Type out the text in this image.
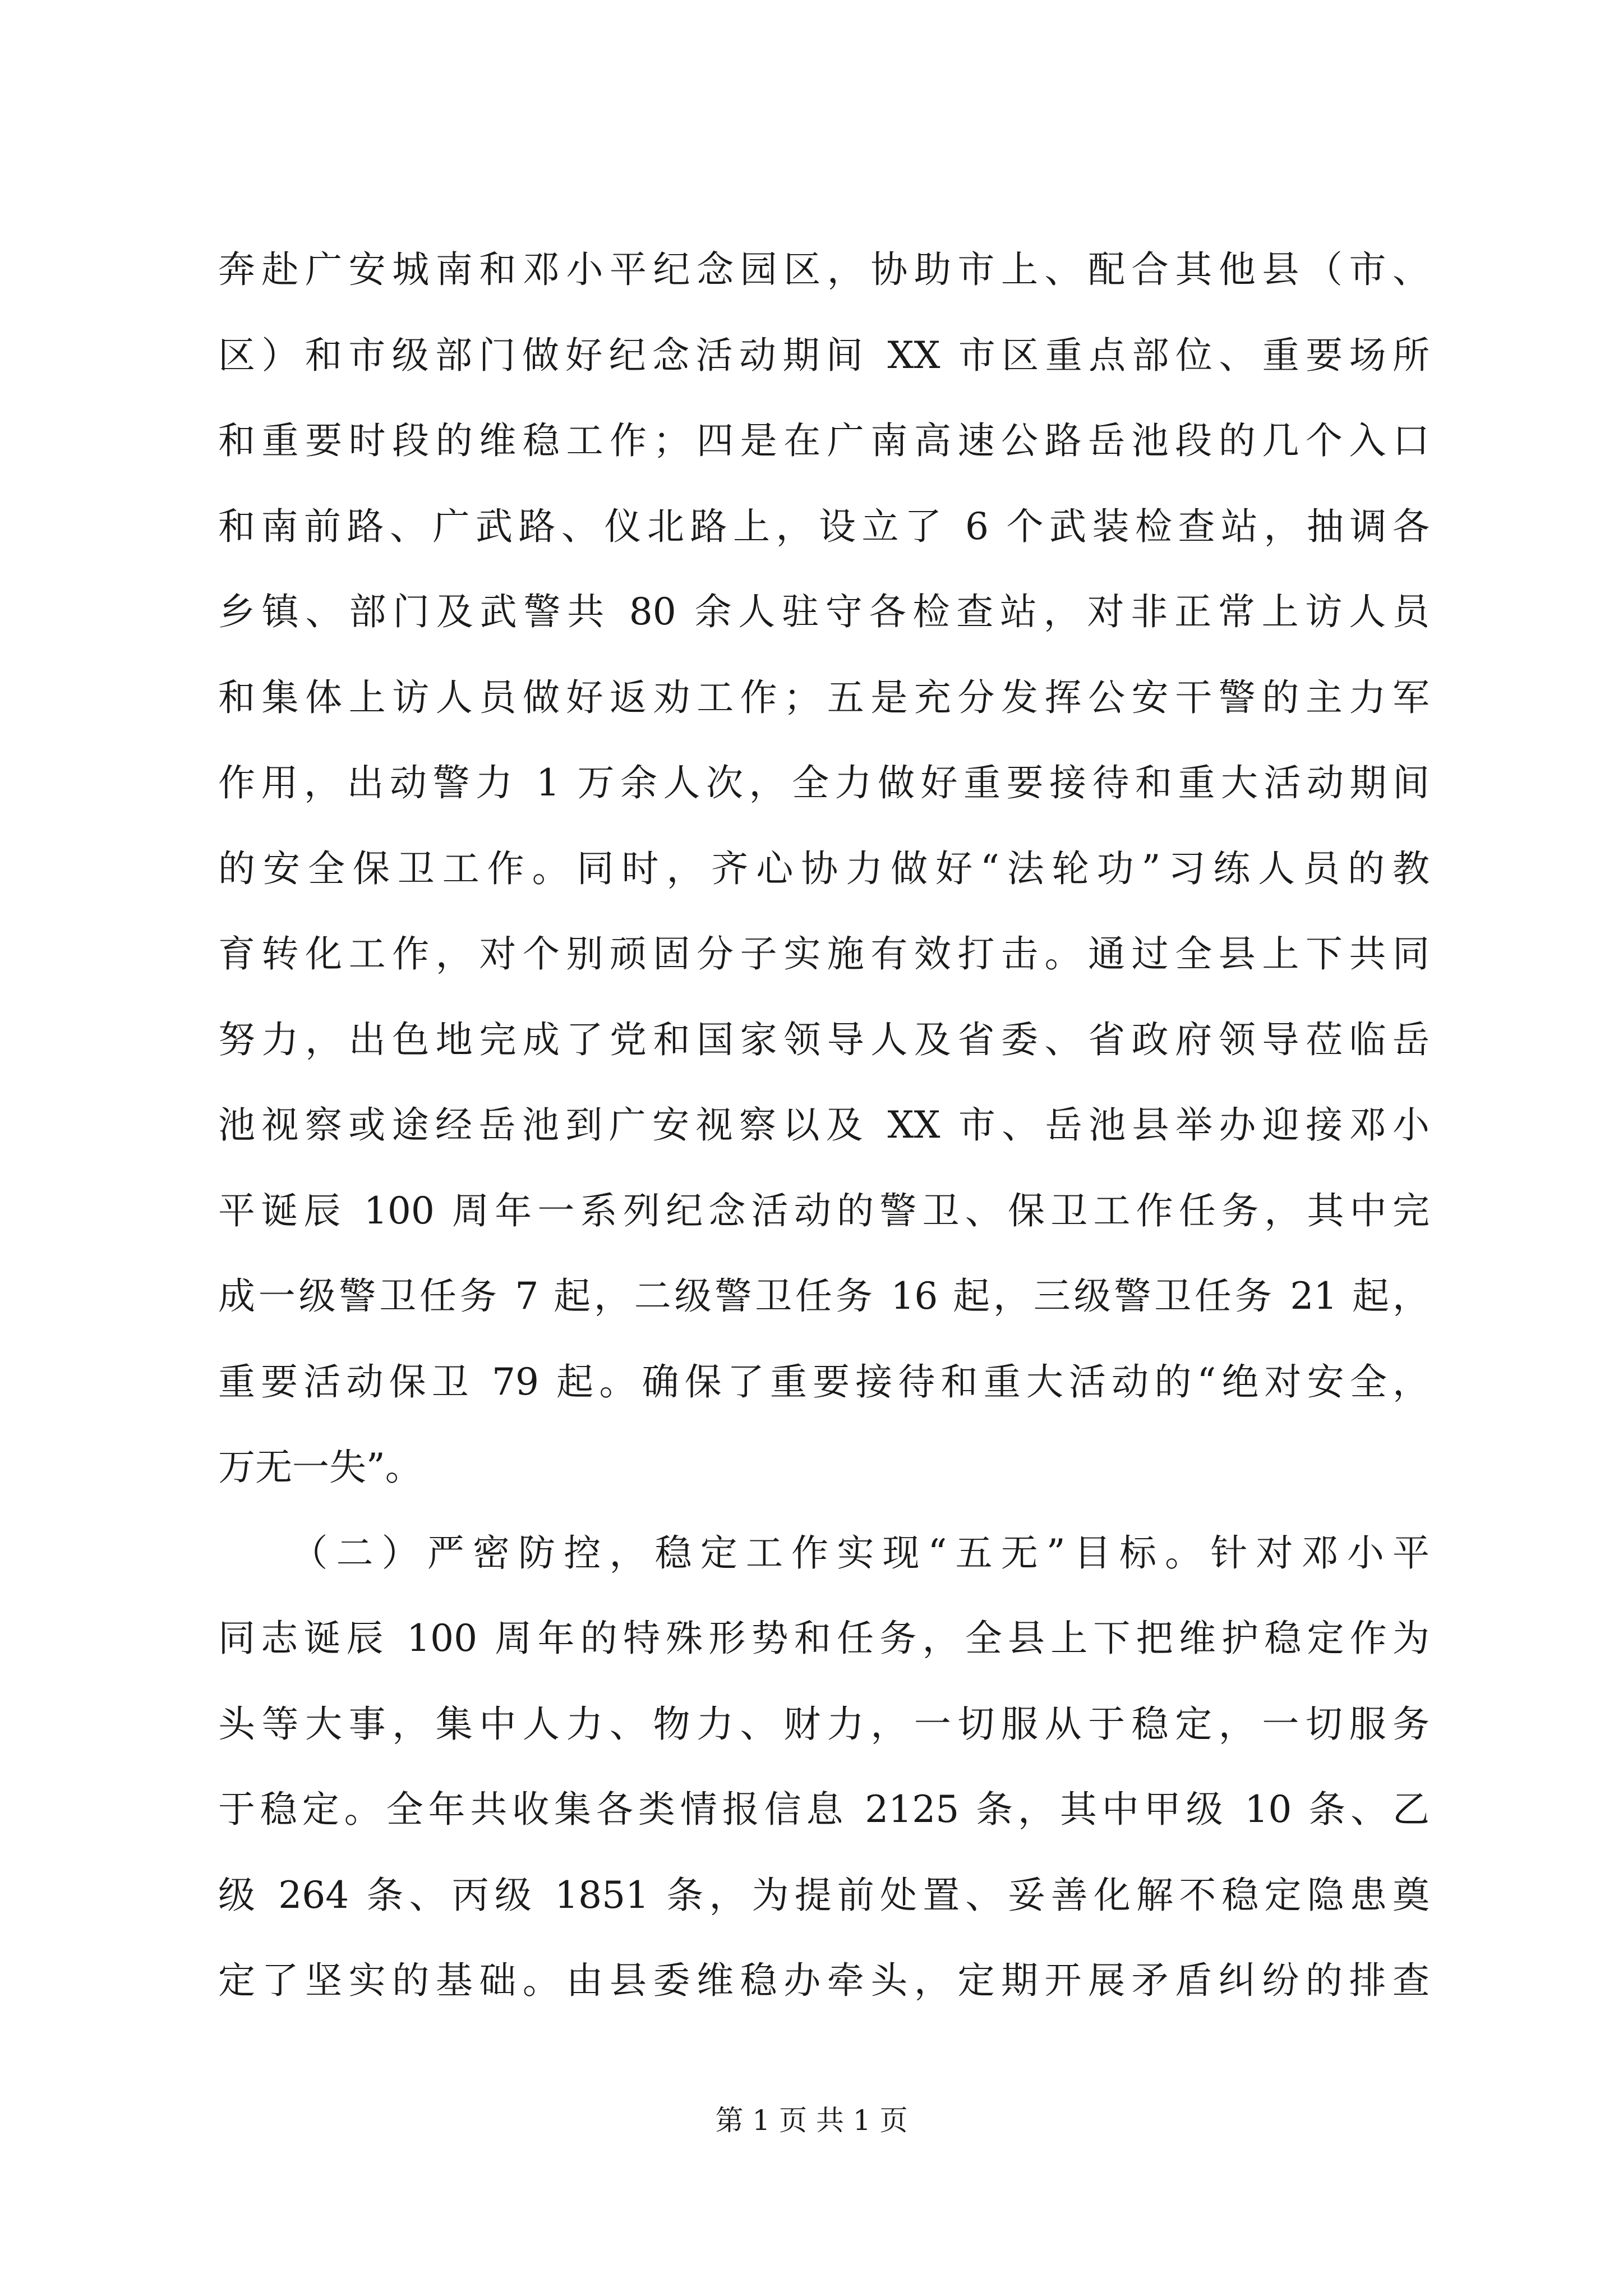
奔赴广安城南和邓小平纪念园区，协助市上、配合其他县（市、
区）和市级部门做好纪念活动期间 XX 市区重点部位、重要场所
和重要时段的维稳工作；四是在广南高速公路岳池段的几个入口
和南前路、广武路、仪北路上，设立了 6 个武装检查站，抽调各
乡镇、部门及武警共 80 余人驻守各检查站，对非正常上访人员
和集体上访人员做好返劝工作；五是充分发挥公安干警的主力军
作用，出动警力 1 万余人次，全力做好重要接待和重大活动期间
的安全保卫工作。同时，齐心协力做好“法轮功”习练人员的教
育转化工作，对个别顽固分子实施有效打击。通过全县上下共同
努力，出色地完成了党和国家领导人及省委、省政府领导莅临岳
池视察或途经岳池到广安视察以及 XX 市、岳池县举办迎接邓小
平诞辰 100 周年一系列纪念活动的警卫、保卫工作任务，其中完
成一级警卫任务 7 起，二级警卫任务 16 起，三级警卫任务 21 起，
重要活动保卫 79 起。确保了重要接待和重大活动的“绝对安全，
万无一失”。
　　（二）严密防控，稳定工作实现“五无”目标。针对邓小平
同志诞辰 100 周年的特殊形势和任务，全县上下把维护稳定作为
头等大事，集中人力、物力、财力，一切服从于稳定，一切服务
于稳定。全年共收集各类情报信息 2125 条，其中甲级 10 条、乙
级 264 条、丙级 1851 条，为提前处置、妥善化解不稳定隐患奠
定了坚实的基础。由县委维稳办牵头，定期开展矛盾纠纷的排查
第 1 页 共 1 页
